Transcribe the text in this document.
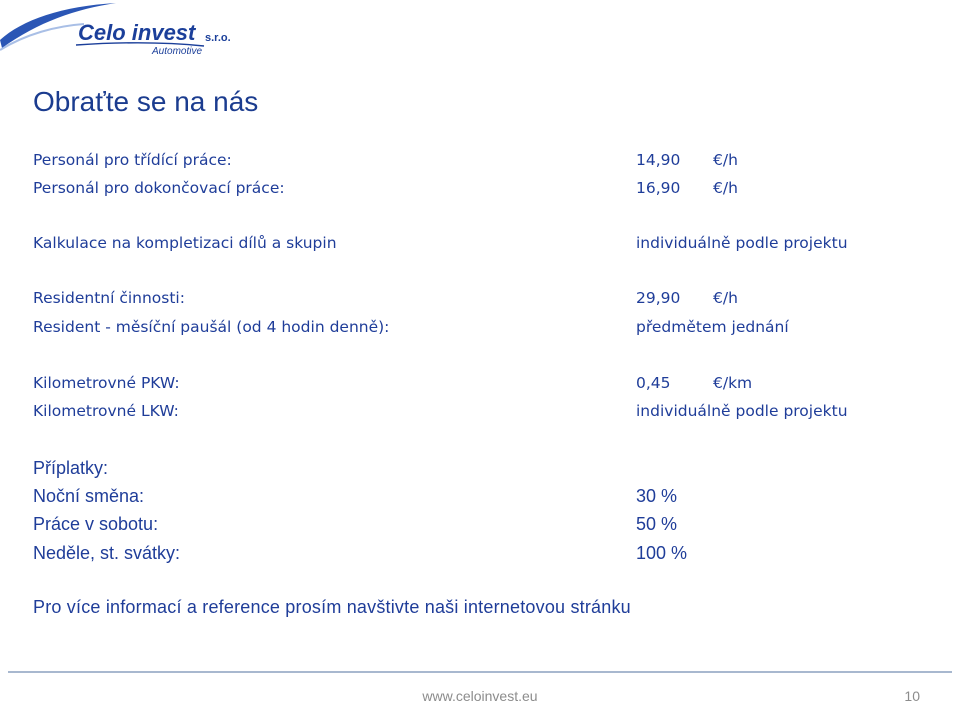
Celo invest s.r.o.
Automotive
Obraťte se na nás
Personál pro třídící práce:	14,90 €/h
Personál pro dokončovací práce:	16,90 €/h
Kalkulace na kompletizaci dílů a skupin	individuálně podle projektu
Residentní činnosti:	29,90 €/h
Resident - měsíční paušál (od 4 hodin denně):	předmětem jednání
Kilometrovné PKW:	0,45	€/km
Kilometrovné LKW:	individuálně podle projektu
Příplatky:
Noční směna:	30 %
Práce v sobotu:	50 %
Neděle, st. svátky:	100 %
Pro více informací a reference prosím navštivte naši internetovou stránku
www.celoinvest.eu	10
